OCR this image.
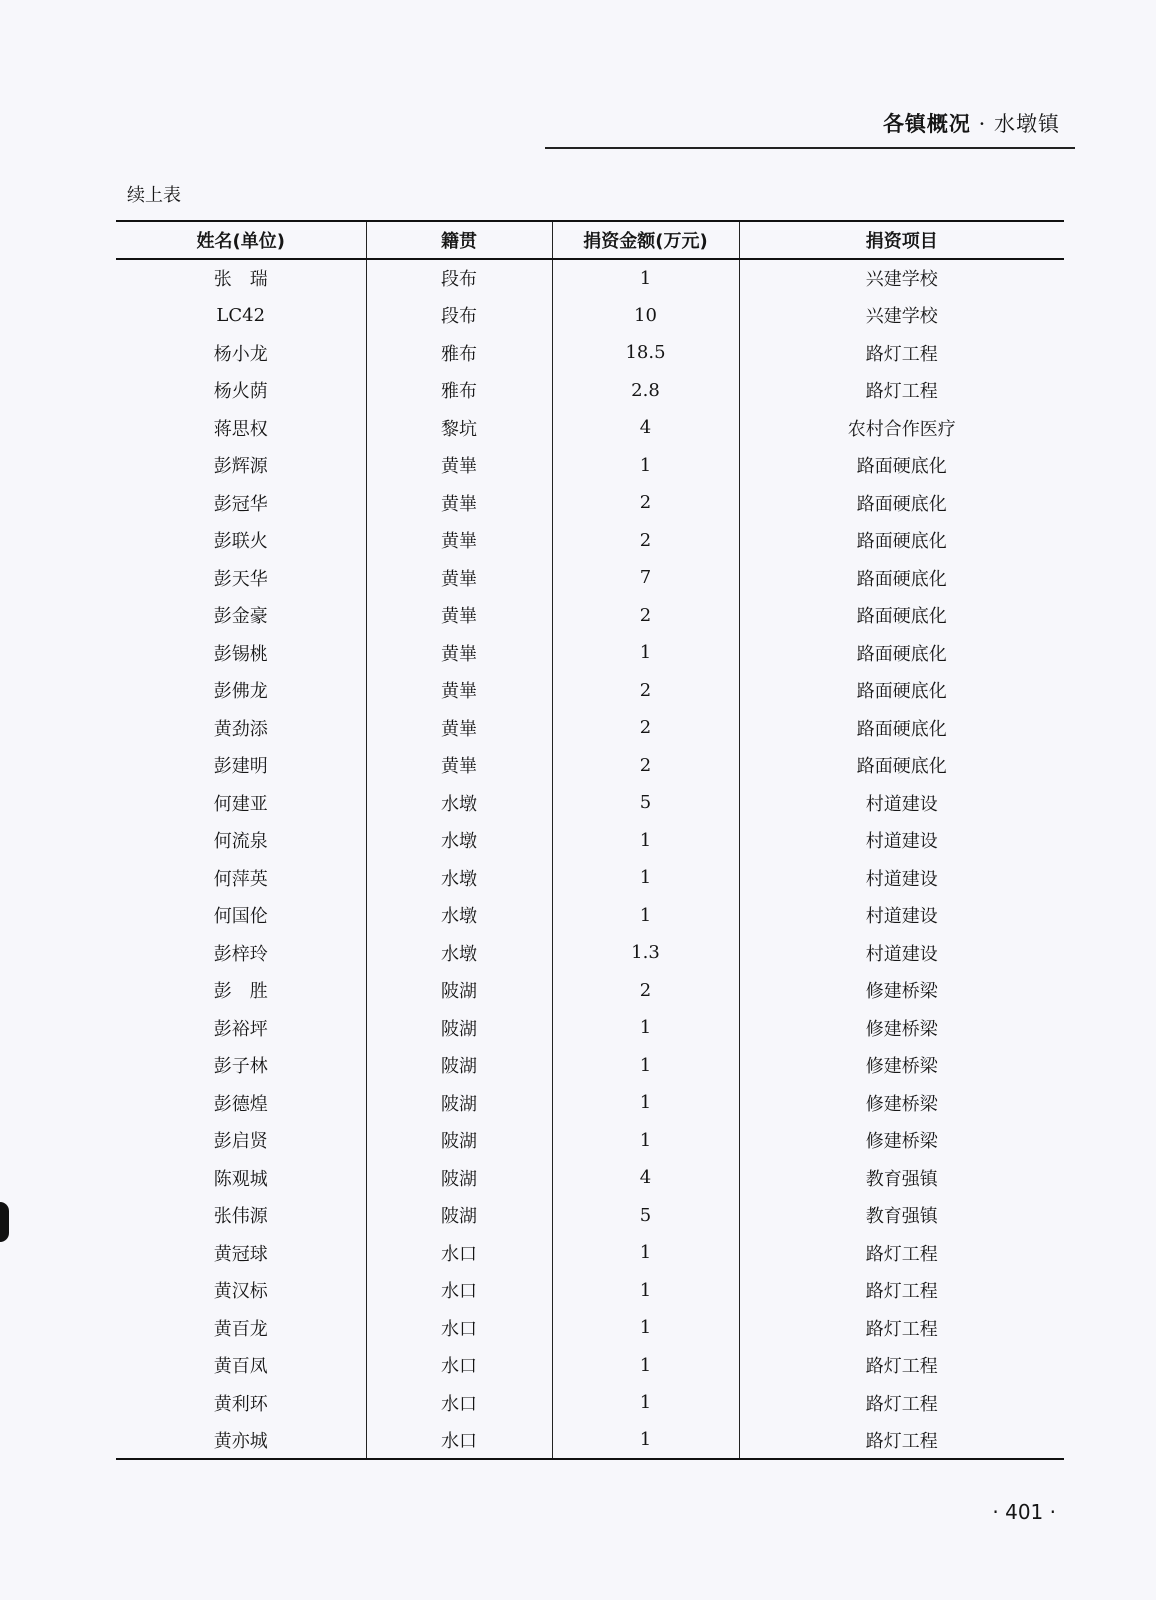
各镇概况 · 水墩镇
续上表
姓名(单位)	籍贯	捐资金额(万元)	捐资项目
张　瑞	段布	1	兴建学校
LC42	段布	10	兴建学校
杨小龙	雅布	18.5	路灯工程
杨火荫	雅布	2.8	路灯工程
蒋思权	黎坑	4	农村合作医疗
彭辉源	黄崋	1	路面硬底化
彭冠华	黄崋	2	路面硬底化
彭联火	黄崋	2	路面硬底化
彭天华	黄崋	7	路面硬底化
彭金豪	黄崋	2	路面硬底化
彭锡桃	黄崋	1	路面硬底化
彭佛龙	黄崋	2	路面硬底化
黄劲添	黄崋	2	路面硬底化
彭建明	黄崋	2	路面硬底化
何建亚	水墩	5	村道建设
何流泉	水墩	1	村道建设
何萍英	水墩	1	村道建设
何国伦	水墩	1	村道建设
彭梓玲	水墩	1.3	村道建设
彭　胜	陂湖	2	修建桥梁
彭裕坪	陂湖	1	修建桥梁
彭子林	陂湖	1	修建桥梁
彭德煌	陂湖	1	修建桥梁
彭启贤	陂湖	1	修建桥梁
陈观城	陂湖	4	教育强镇
张伟源	陂湖	5	教育强镇
黄冠球	水口	1	路灯工程
黄汉标	水口	1	路灯工程
黄百龙	水口	1	路灯工程
黄百凤	水口	1	路灯工程
黄利环	水口	1	路灯工程
黄亦城	水口	1	路灯工程
· 401 ·
